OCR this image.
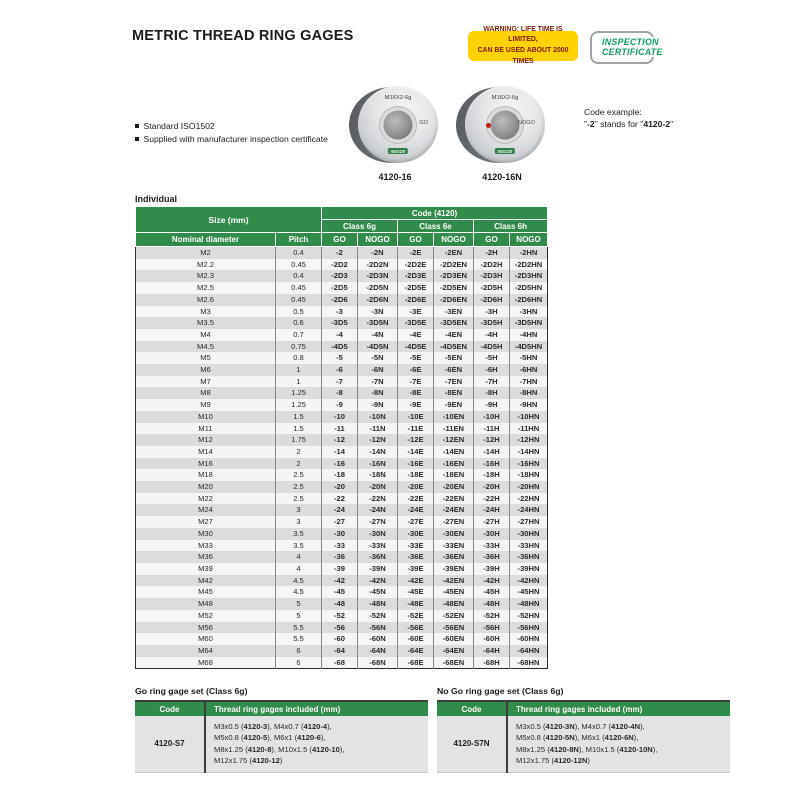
METRIC THREAD RING GAGES	WARNING: LIFE TIME IS LIMITED,
CAN BE USED ABOUT 2000 TIMES
INSPECTION
CERTIFICATE
Standard ISO1502
Supplied with manufacturer inspection certificate
M16X2-6g
GO
INSIZE
4120-16
M16X2-6g
NOGO
INSIZE
4120-16N
Code example:
"-2" stands for "4120-2"
Individual
Size (mm)		Code (4120)					
		Class 6g		Class 6e		Class 6h	
Nominal diameter	Pitch	GO	NOGO	GO	NOGO	GO	NOGO
M2	0.4	-2	-2N	-2E	-2EN	-2H	-2HN
M2.2	0.45	-2D2	-2D2N	-2D2E	-2D2EN	-2D2H	-2D2HN
M2.3	0.4	-2D3	-2D3N	-2D3E	-2D3EN	-2D3H	-2D3HN
M2.5	0.45	-2D5	-2D5N	-2D5E	-2D5EN	-2D5H	-2D5HN
M2.6	0.45	-2D6	-2D6N	-2D6E	-2D6EN	-2D6H	-2D6HN
M3	0.5	-3	-3N	-3E	-3EN	-3H	-3HN
M3.5	0.6	-3D5	-3D5N	-3D5E	-3D5EN	-3D5H	-3D5HN
M4	0.7	-4	-4N	-4E	-4EN	-4H	-4HN
M4.5	0.75	-4D5	-4D5N	-4D5E	-4D5EN	-4D5H	-4D5HN
M5	0.8	-5	-5N	-5E	-5EN	-5H	-5HN
M6	1	-6	-6N	-6E	-6EN	-6H	-6HN
M7	1	-7	-7N	-7E	-7EN	-7H	-7HN
M8	1.25	-8	-8N	-8E	-8EN	-8H	-8HN
M9	1.25	-9	-9N	-9E	-9EN	-9H	-9HN
M10	1.5	-10	-10N	-10E	-10EN	-10H	-10HN
M11	1.5	-11	-11N	-11E	-11EN	-11H	-11HN
M12	1.75	-12	-12N	-12E	-12EN	-12H	-12HN
M14	2	-14	-14N	-14E	-14EN	-14H	-14HN
M16	2	-16	-16N	-16E	-16EN	-16H	-16HN
M18	2.5	-18	-18N	-18E	-18EN	-18H	-18HN
M20	2.5	-20	-20N	-20E	-20EN	-20H	-20HN
M22	2.5	-22	-22N	-22E	-22EN	-22H	-22HN
M24	3	-24	-24N	-24E	-24EN	-24H	-24HN
M27	3	-27	-27N	-27E	-27EN	-27H	-27HN
M30	3.5	-30	-30N	-30E	-30EN	-30H	-30HN
M33	3.5	-33	-33N	-33E	-33EN	-33H	-33HN
M36	4	-36	-36N	-36E	-36EN	-36H	-36HN
M39	4	-39	-39N	-39E	-39EN	-39H	-39HN
M42	4.5	-42	-42N	-42E	-42EN	-42H	-42HN
M45	4.5	-45	-45N	-45E	-45EN	-45H	-45HN
M48	5	-48	-48N	-48E	-48EN	-48H	-48HN
M52	5	-52	-52N	-52E	-52EN	-52H	-52HN
M56	5.5	-56	-56N	-56E	-56EN	-56H	-56HN
M60	5.5	-60	-60N	-60E	-60EN	-60H	-60HN
M64	6	-64	-64N	-64E	-64EN	-64H	-64HN
M68	6	-68	-68N	-68E	-68EN	-68H	-68HN
Go ring gage set (Class 6g)
Code	Thread ring gages included (mm)
4120-S7	M3x0.5 (4120-3), M4x0.7 (4120-4),
M5x0.8 (4120-5), M6x1 (4120-6),
M8x1.25 (4120-8), M10x1.5 (4120-10),
M12x1.75 (4120-12)
No Go ring gage set (Class 6g)
Code	Thread ring gages included (mm)
4120-S7N	M3x0.5 (4120-3N), M4x0.7 (4120-4N),
M5x0.8 (4120-5N), M6x1 (4120-6N),
M8x1.25 (4120-8N), M10x1.5 (4120-10N),
M12x1.75 (4120-12N)
